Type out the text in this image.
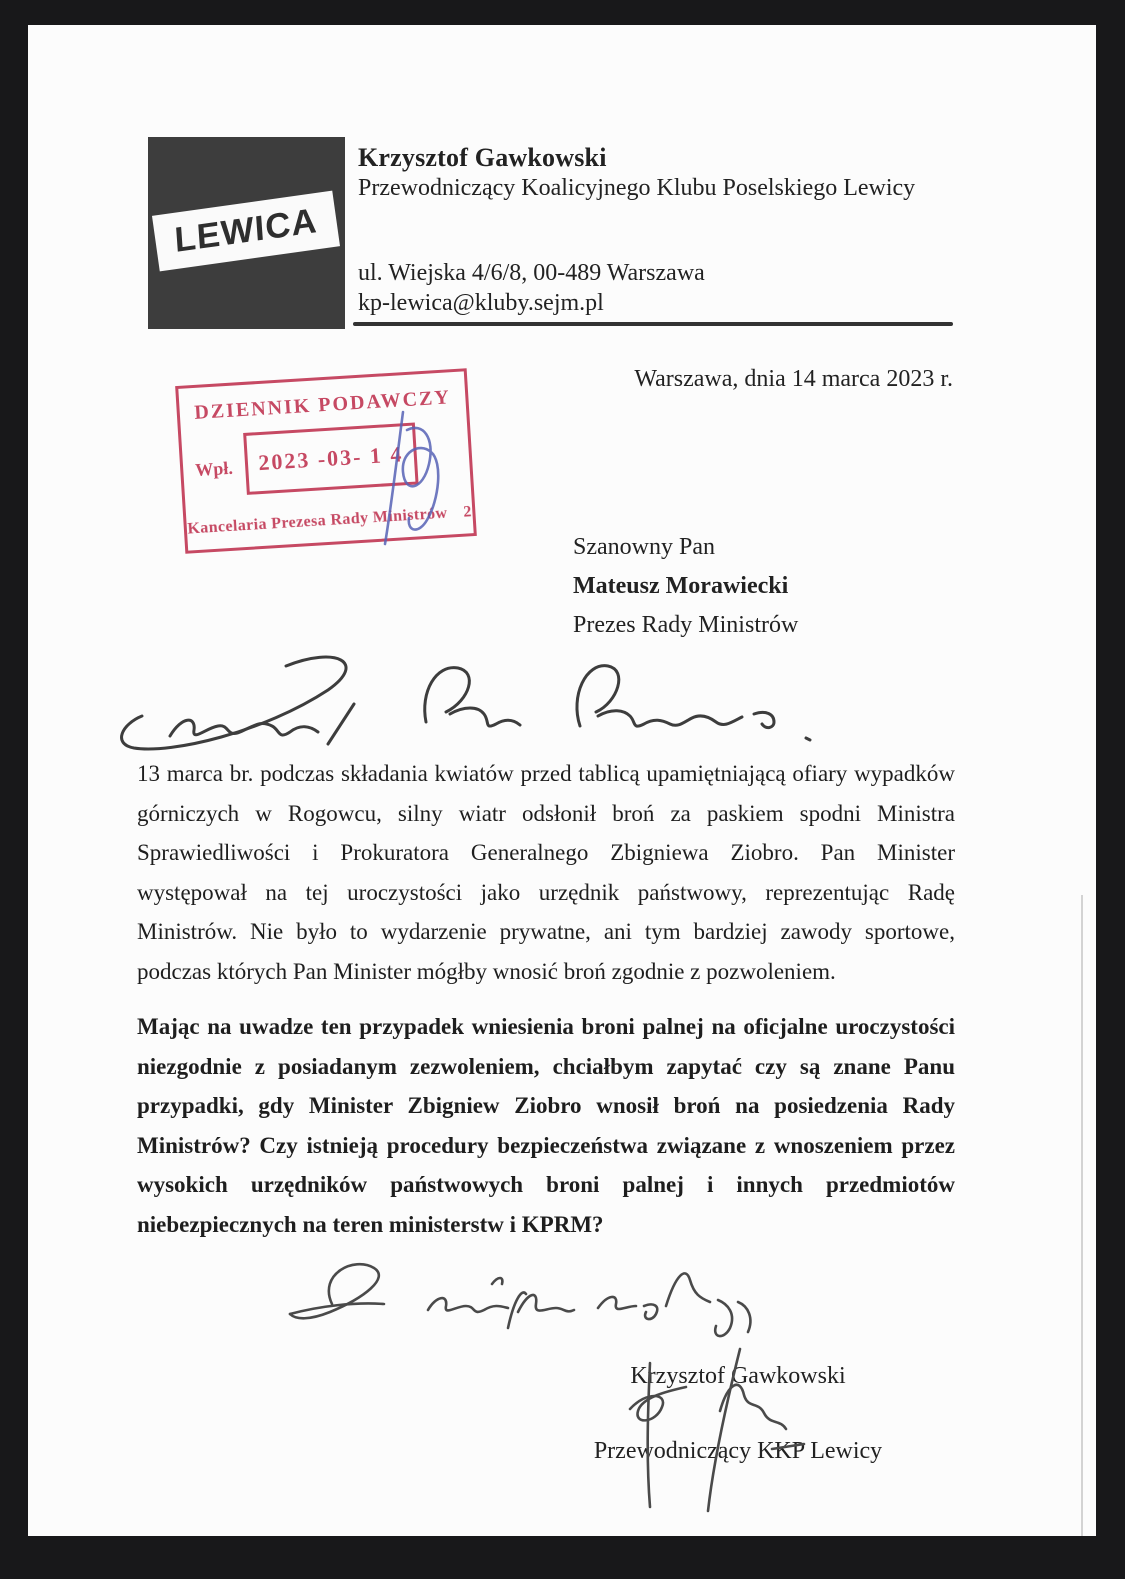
LEWICA
Krzysztof Gawkowski
Przewodniczący Koalicyjnego Klubu Poselskiego Lewicy
ul. Wiejska 4/6/8, 00-489 Warszawa
kp-lewica@kluby.sejm.pl
Warszawa, dnia 14 marca 2023 r.
DZIENNIK PODAWCZY
Wpł.	2023 -03- 1 4
Kancelaria Prezesa Rady Ministrów 2
Szanowny Pan
Mateusz Morawiecki
Prezes Rady Ministrów

13 marca br. podczas składania kwiatów przed tablicą upamiętniającą ofiary wypadków górniczych w Rogowcu, silny wiatr odsłonił broń za paskiem spodni Ministra Sprawiedliwości i Prokuratora Generalnego Zbigniewa Ziobro. Pan Minister występował na tej uroczystości jako urzędnik państwowy, reprezentując Radę Ministrów. Nie było to wydarzenie prywatne, ani tym bardziej zawody sportowe, podczas których Pan Minister mógłby wnosić broń zgodnie z pozwoleniem.

Mając na uwadze ten przypadek wniesienia broni palnej na oficjalne uroczystości niezgodnie z posiadanym zezwoleniem, chciałbym zapytać czy są znane Panu przypadki, gdy Minister Zbigniew Ziobro wnosił broń na posiedzenia Rady Ministrów? Czy istnieją procedury bezpieczeństwa związane z wnoszeniem przez wysokich urzędników państwowych broni palnej i innych przedmiotów niebezpiecznych na teren ministerstw i KPRM?

Krzysztof Gawkowski
Przewodniczący KKP Lewicy
